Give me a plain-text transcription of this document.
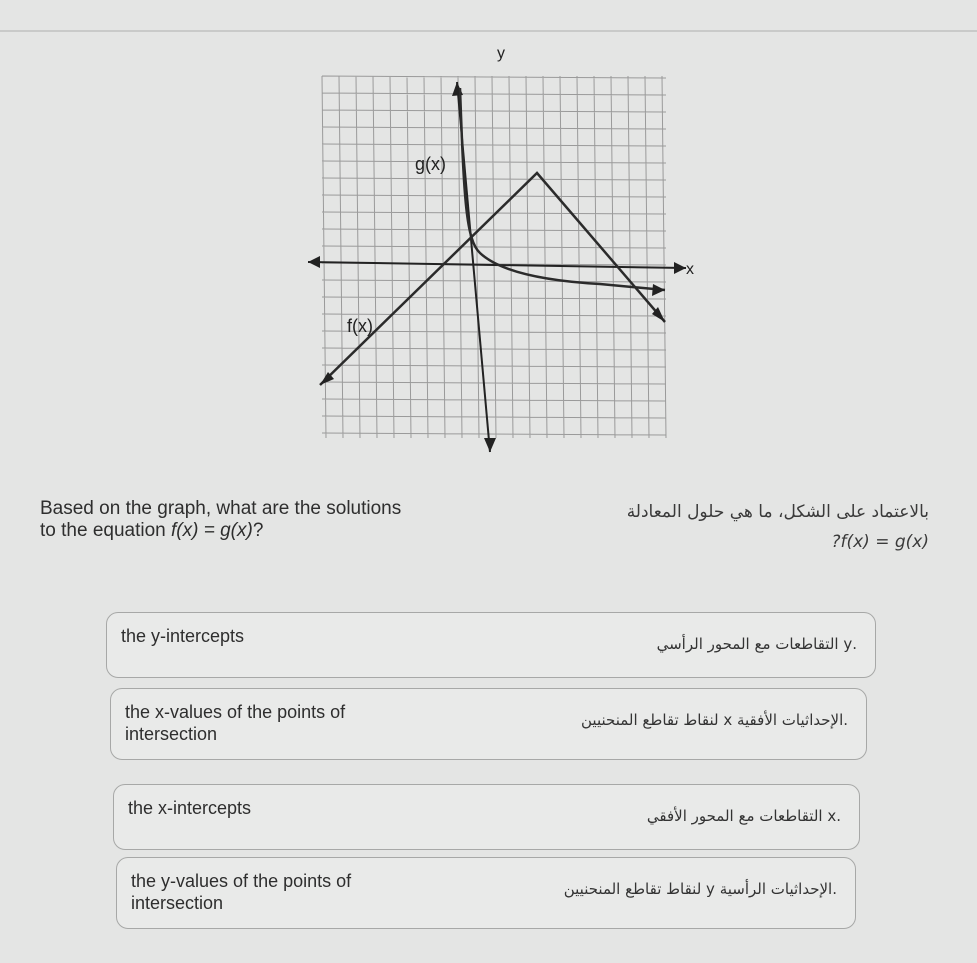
x
y
g(x)
f(x)
Based on the graph, what are the solutions
to the equation f(x) = g(x)?
بالاعتماد على الشكل، ما هي حلول المعادلة
?f(x) = g(x)
the y-intercepts	.y التقاطعات مع المحور الرأسي
the x-values of the points of intersection
.الإحداثيات الأفقية x لنقاط تقاطع المنحنيين
the x-intercepts	.x التقاطعات مع المحور الأفقي
the y-values of the points of intersection
.الإحداثيات الرأسية y لنقاط تقاطع المنحنيين
